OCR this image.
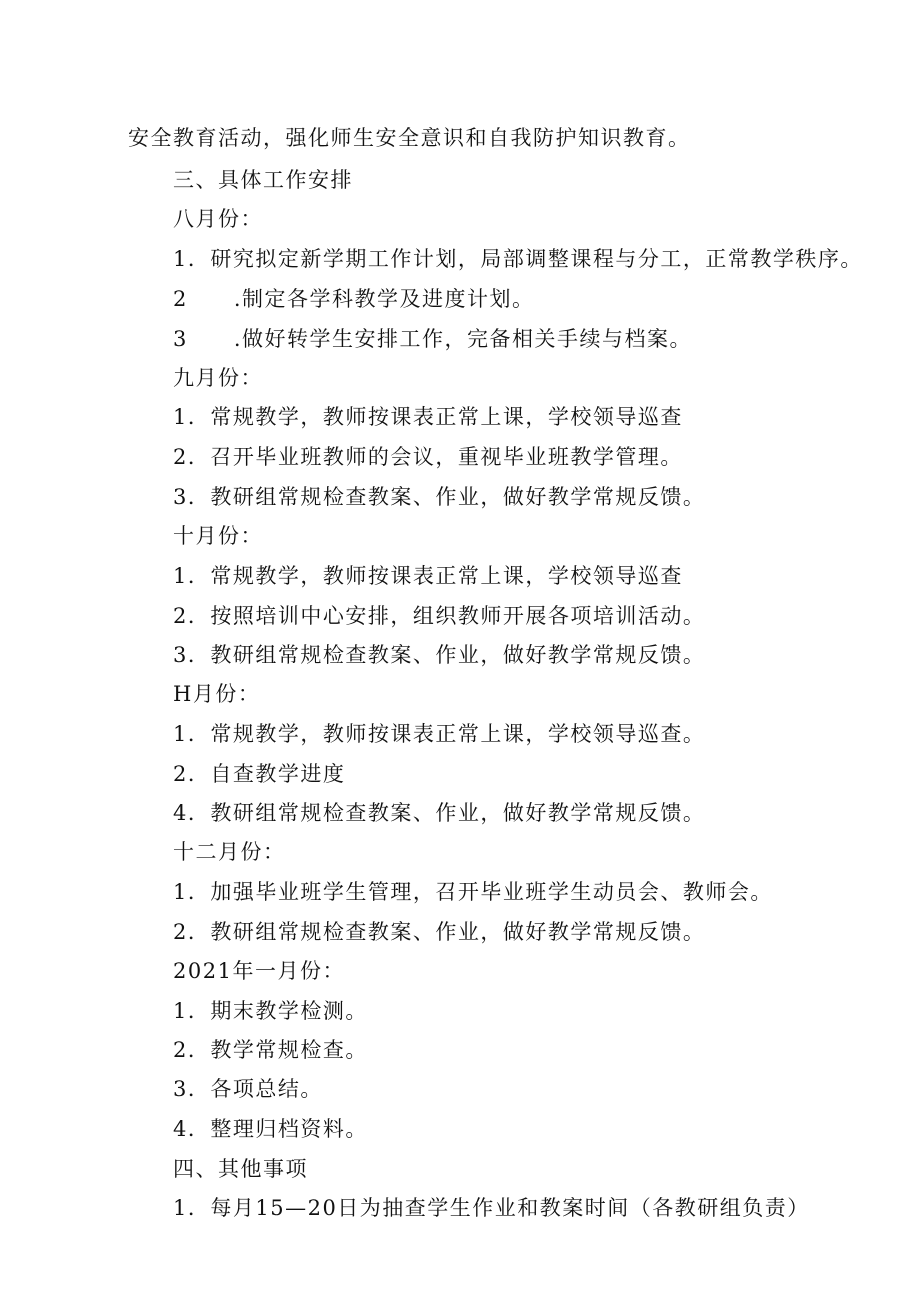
安全教育活动，强化师生安全意识和自我防护知识教育。
三、具体工作安排
八月份：
1．研究拟定新学期工作计划，局部调整课程与分工，正常教学秩序。
2 .制定各学科教学及进度计划。
3 .做好转学生安排工作，完备相关手续与档案。
九月份：
1．常规教学，教师按课表正常上课，学校领导巡查
2．召开毕业班教师的会议，重视毕业班教学管理。
3．教研组常规检查教案、作业，做好教学常规反馈。
十月份：
1．常规教学，教师按课表正常上课，学校领导巡查
2．按照培训中心安排，组织教师开展各项培训活动。
3．教研组常规检查教案、作业，做好教学常规反馈。
H月份：
1．常规教学，教师按课表正常上课，学校领导巡查。
2．自查教学进度
4．教研组常规检查教案、作业，做好教学常规反馈。
十二月份：
1．加强毕业班学生管理，召开毕业班学生动员会、教师会。
2．教研组常规检查教案、作业，做好教学常规反馈。
2021年一月份：
1．期末教学检测。
2．教学常规检查。
3．各项总结。
4．整理归档资料。
四、其他事项
1．每月15—20日为抽查学生作业和教案时间（各教研组负责）
